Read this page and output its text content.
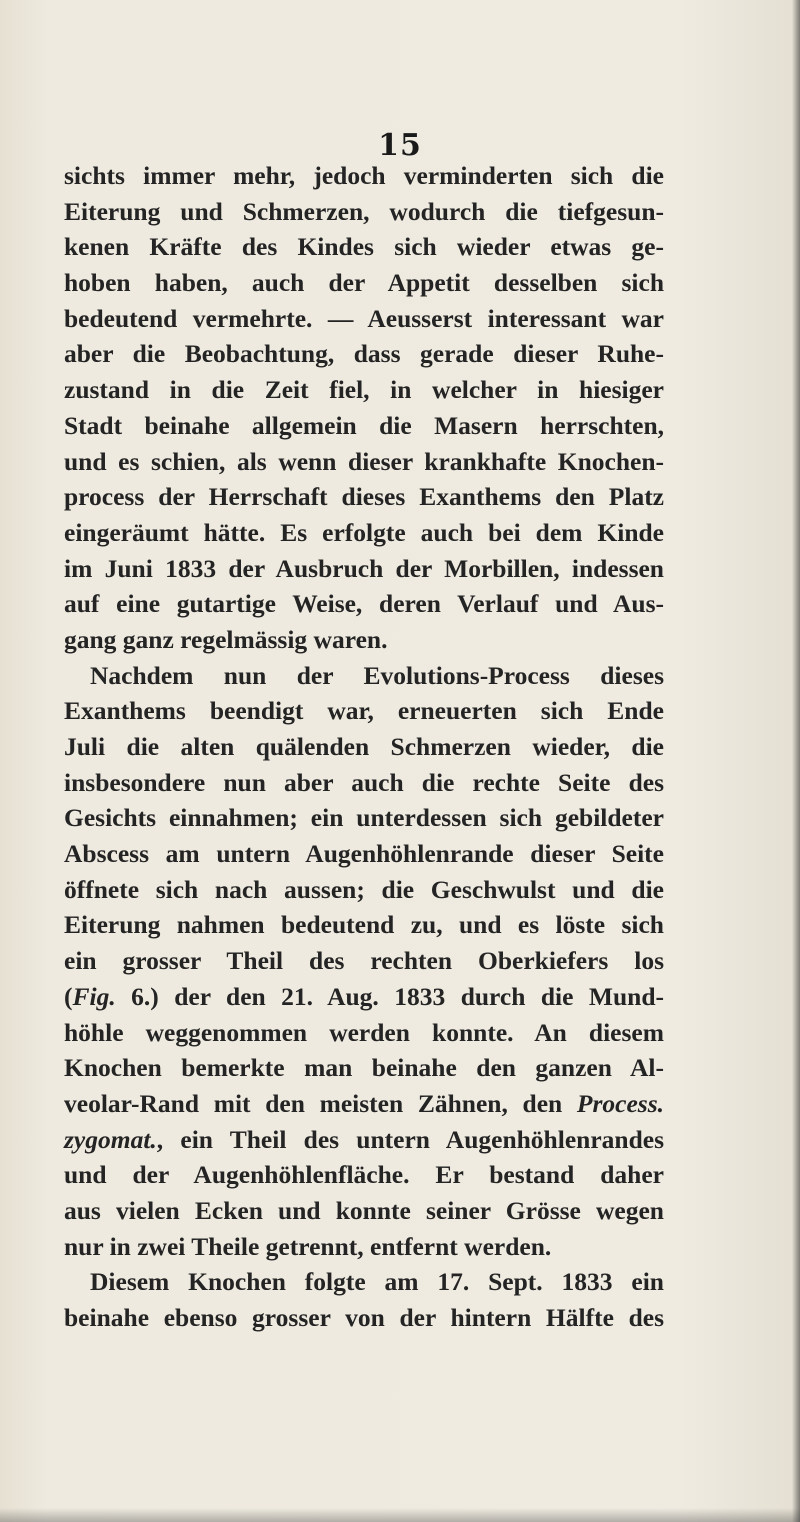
15
sichts immer mehr, jedoch verminderten sich die
Eiterung und Schmerzen, wodurch die tiefgesun-
kenen Kräfte des Kindes sich wieder etwas ge-
hoben haben, auch der Appetit desselben sich
bedeutend vermehrte. — Aeusserst interessant war
aber die Beobachtung, dass gerade dieser Ruhe-
zustand in die Zeit fiel, in welcher in hiesiger
Stadt beinahe allgemein die Masern herrschten,
und es schien, als wenn dieser krankhafte Knochen-
process der Herrschaft dieses Exanthems den Platz
eingeräumt hätte. Es erfolgte auch bei dem Kinde
im Juni 1833 der Ausbruch der Morbillen, indessen
auf eine gutartige Weise, deren Verlauf und Aus-
gang ganz regelmässig waren.
Nachdem nun der Evolutions-Process dieses
Exanthems beendigt war, erneuerten sich Ende
Juli die alten quälenden Schmerzen wieder, die
insbesondere nun aber auch die rechte Seite des
Gesichts einnahmen; ein unterdessen sich gebildeter
Abscess am untern Augenhöhlenrande dieser Seite
öffnete sich nach aussen; die Geschwulst und die
Eiterung nahmen bedeutend zu, und es löste sich
ein grosser Theil des rechten Oberkiefers los
(Fig. 6.) der den 21. Aug. 1833 durch die Mund-
höhle weggenommen werden konnte. An diesem
Knochen bemerkte man beinahe den ganzen Al-
veolar-Rand mit den meisten Zähnen, den Process.
zygomat., ein Theil des untern Augenhöhlenrandes
und der Augenhöhlenfläche. Er bestand daher
aus vielen Ecken und konnte seiner Grösse wegen
nur in zwei Theile getrennt, entfernt werden.
Diesem Knochen folgte am 17. Sept. 1833 ein
beinahe ebenso grosser von der hintern Hälfte des
